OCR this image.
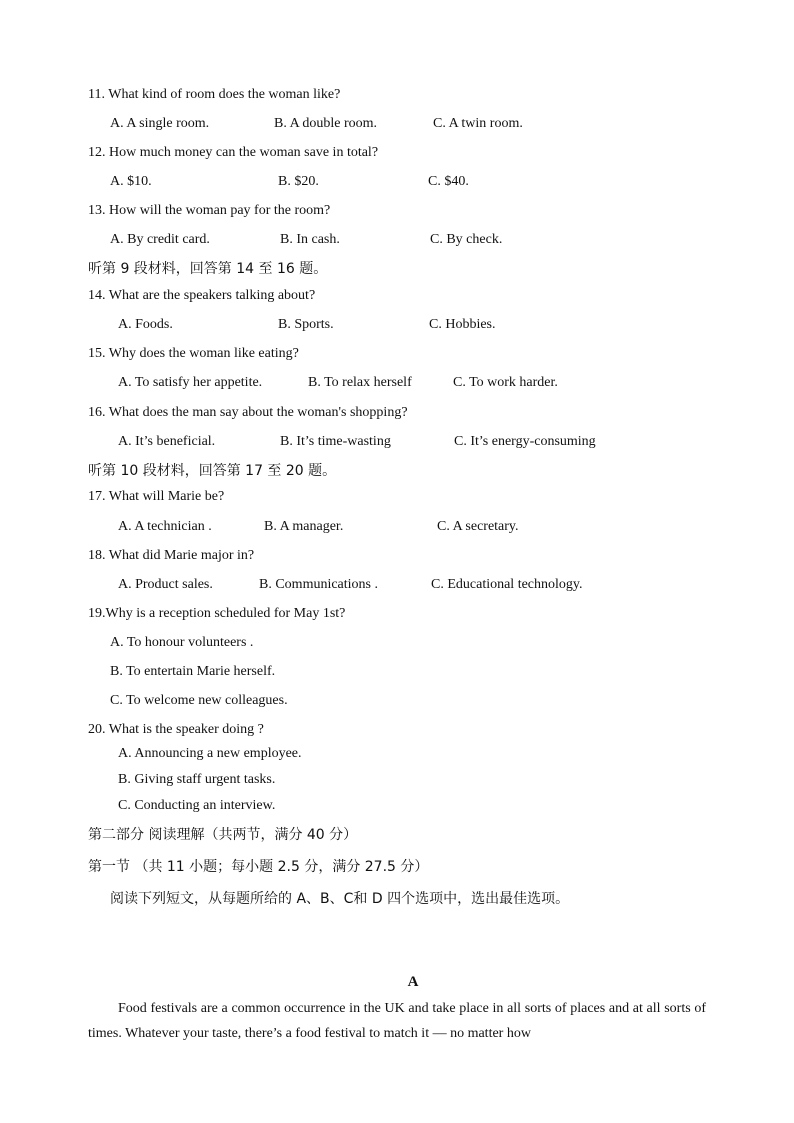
11. What kind of room does the woman like?
A. A single room.	B. A double room.	C. A twin room.
12. How much money can the woman save in total?
A. $10.	B. $20.	C. $40.
13. How will the woman pay for the room?
A. By credit card.	B. In cash.	C. By check.
听第 9 段材料，回答第 14 至 16 题。
14. What are the speakers talking about?
A. Foods.	B. Sports.	C. Hobbies.
15. Why does the woman like eating?
A. To satisfy her appetite.	B. To relax herself	C. To work harder.
16. What does the man say about the woman's shopping?
A. It’s beneficial.	B. It’s time-wasting	C. It’s energy-consuming
听第 10 段材料，回答第 17 至 20 题。
17. What will Marie be?
A. A technician .	B. A manager.	C. A secretary.
18. What did Marie major in?
A. Product sales.	B. Communications .	C. Educational technology.
19.Why is a reception scheduled for May 1st?
A. To honour volunteers .
B. To entertain Marie herself.
C. To welcome new colleagues.
20. What is the speaker doing ?
A. Announcing a new employee.
B. Giving staff urgent tasks.
C. Conducting an interview.
第二部分 阅读理解（共两节，满分 40 分）
第一节 （共 11 小题；每小题 2.5 分，满分 27.5 分）
阅读下列短文，从每题所给的 A、B、C和 D 四个选项中，选出最佳选项。
A
Food festivals are a common occurrence in the UK and take place in all sorts of places and at all sorts of times. Whatever your taste, there’s a food festival to match it — no matter how
